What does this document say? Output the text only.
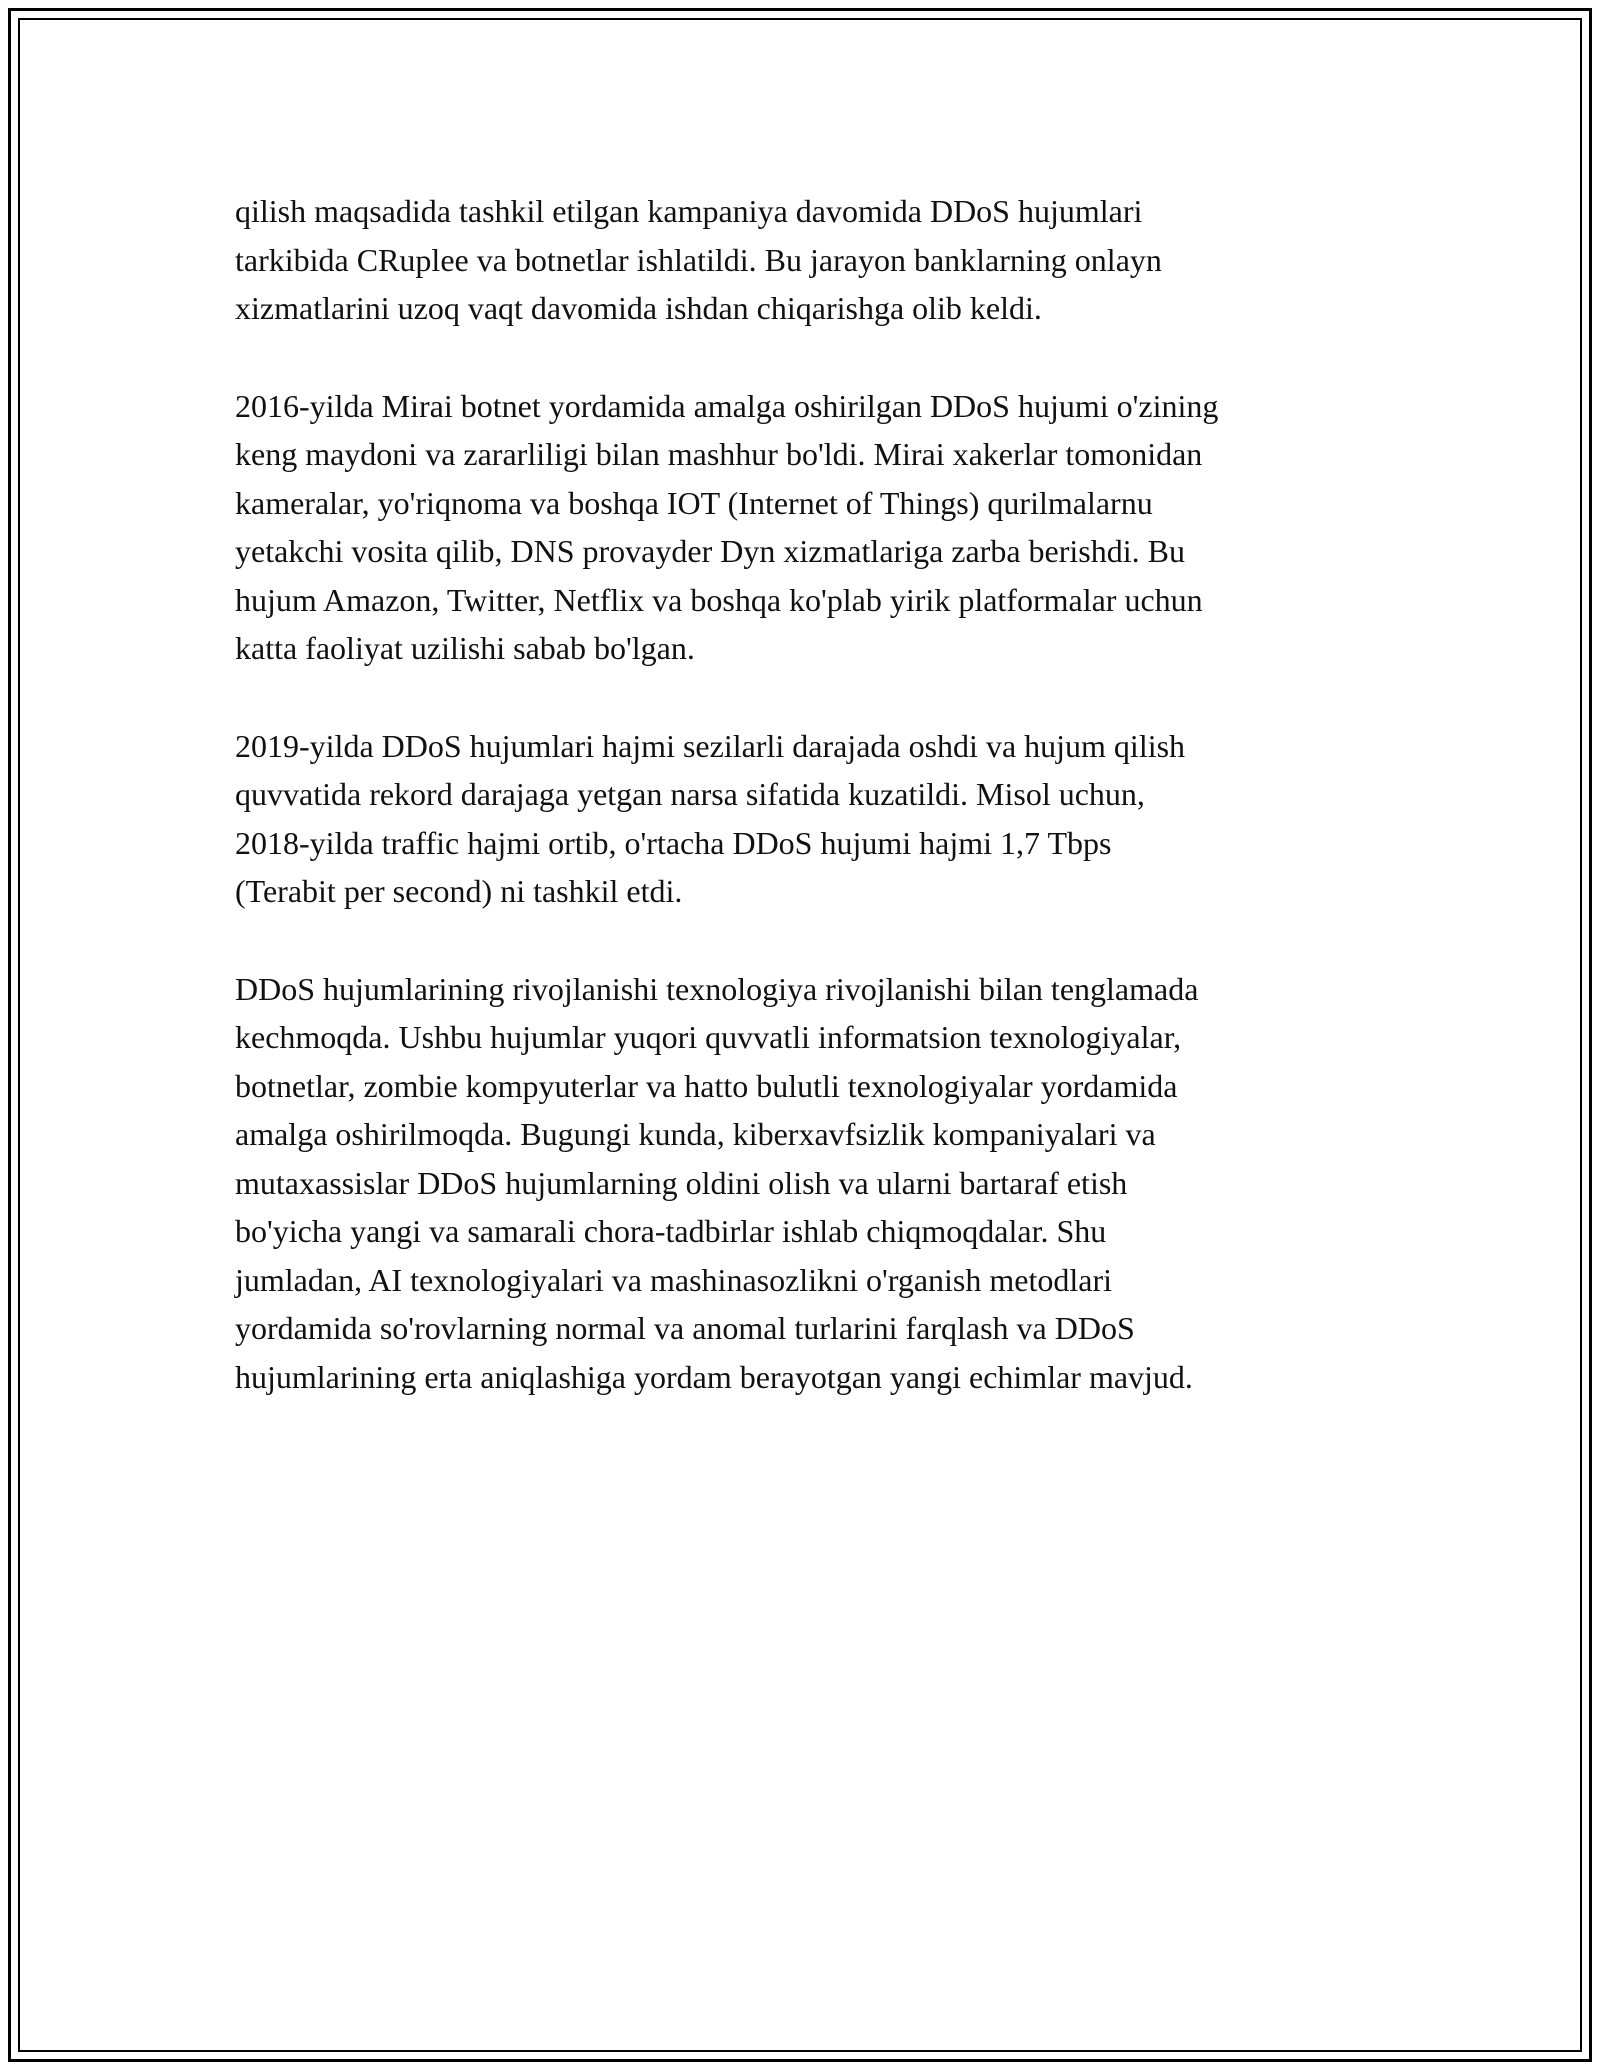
qilish maqsadida tashkil etilgan kampaniya davomida DDoS hujumlari
tarkibida CRuplee va botnetlar ishlatildi. Bu jarayon banklarning onlayn
xizmatlarini uzoq vaqt davomida ishdan chiqarishga olib keldi.

2016-yilda Mirai botnet yordamida amalga oshirilgan DDoS hujumi o'zining
keng maydoni va zararliligi bilan mashhur bo'ldi. Mirai xakerlar tomonidan
kameralar, yo'riqnoma va boshqa IOT (Internet of Things) qurilmalarnu
yetakchi vosita qilib, DNS provayder Dyn xizmatlariga zarba berishdi. Bu
hujum Amazon, Twitter, Netflix va boshqa ko'plab yirik platformalar uchun
katta faoliyat uzilishi sabab bo'lgan.

2019-yilda DDoS hujumlari hajmi sezilarli darajada oshdi va hujum qilish
quvvatida rekord darajaga yetgan narsa sifatida kuzatildi. Misol uchun,
2018-yilda traffic hajmi ortib, o'rtacha DDoS hujumi hajmi 1,7 Tbps
(Terabit per second) ni tashkil etdi.

DDoS hujumlarining rivojlanishi texnologiya rivojlanishi bilan tenglamada
kechmoqda. Ushbu hujumlar yuqori quvvatli informatsion texnologiyalar,
botnetlar, zombie kompyuterlar va hatto bulutli texnologiyalar yordamida
amalga oshirilmoqda. Bugungi kunda, kiberxavfsizlik kompaniyalari va
mutaxassislar DDoS hujumlarning oldini olish va ularni bartaraf etish
bo'yicha yangi va samarali chora-tadbirlar ishlab chiqmoqdalar. Shu
jumladan, AI texnologiyalari va mashinasozlikni o'rganish metodlari
yordamida so'rovlarning normal va anomal turlarini farqlash va DDoS
hujumlarining erta aniqlashiga yordam berayotgan yangi echimlar mavjud.
